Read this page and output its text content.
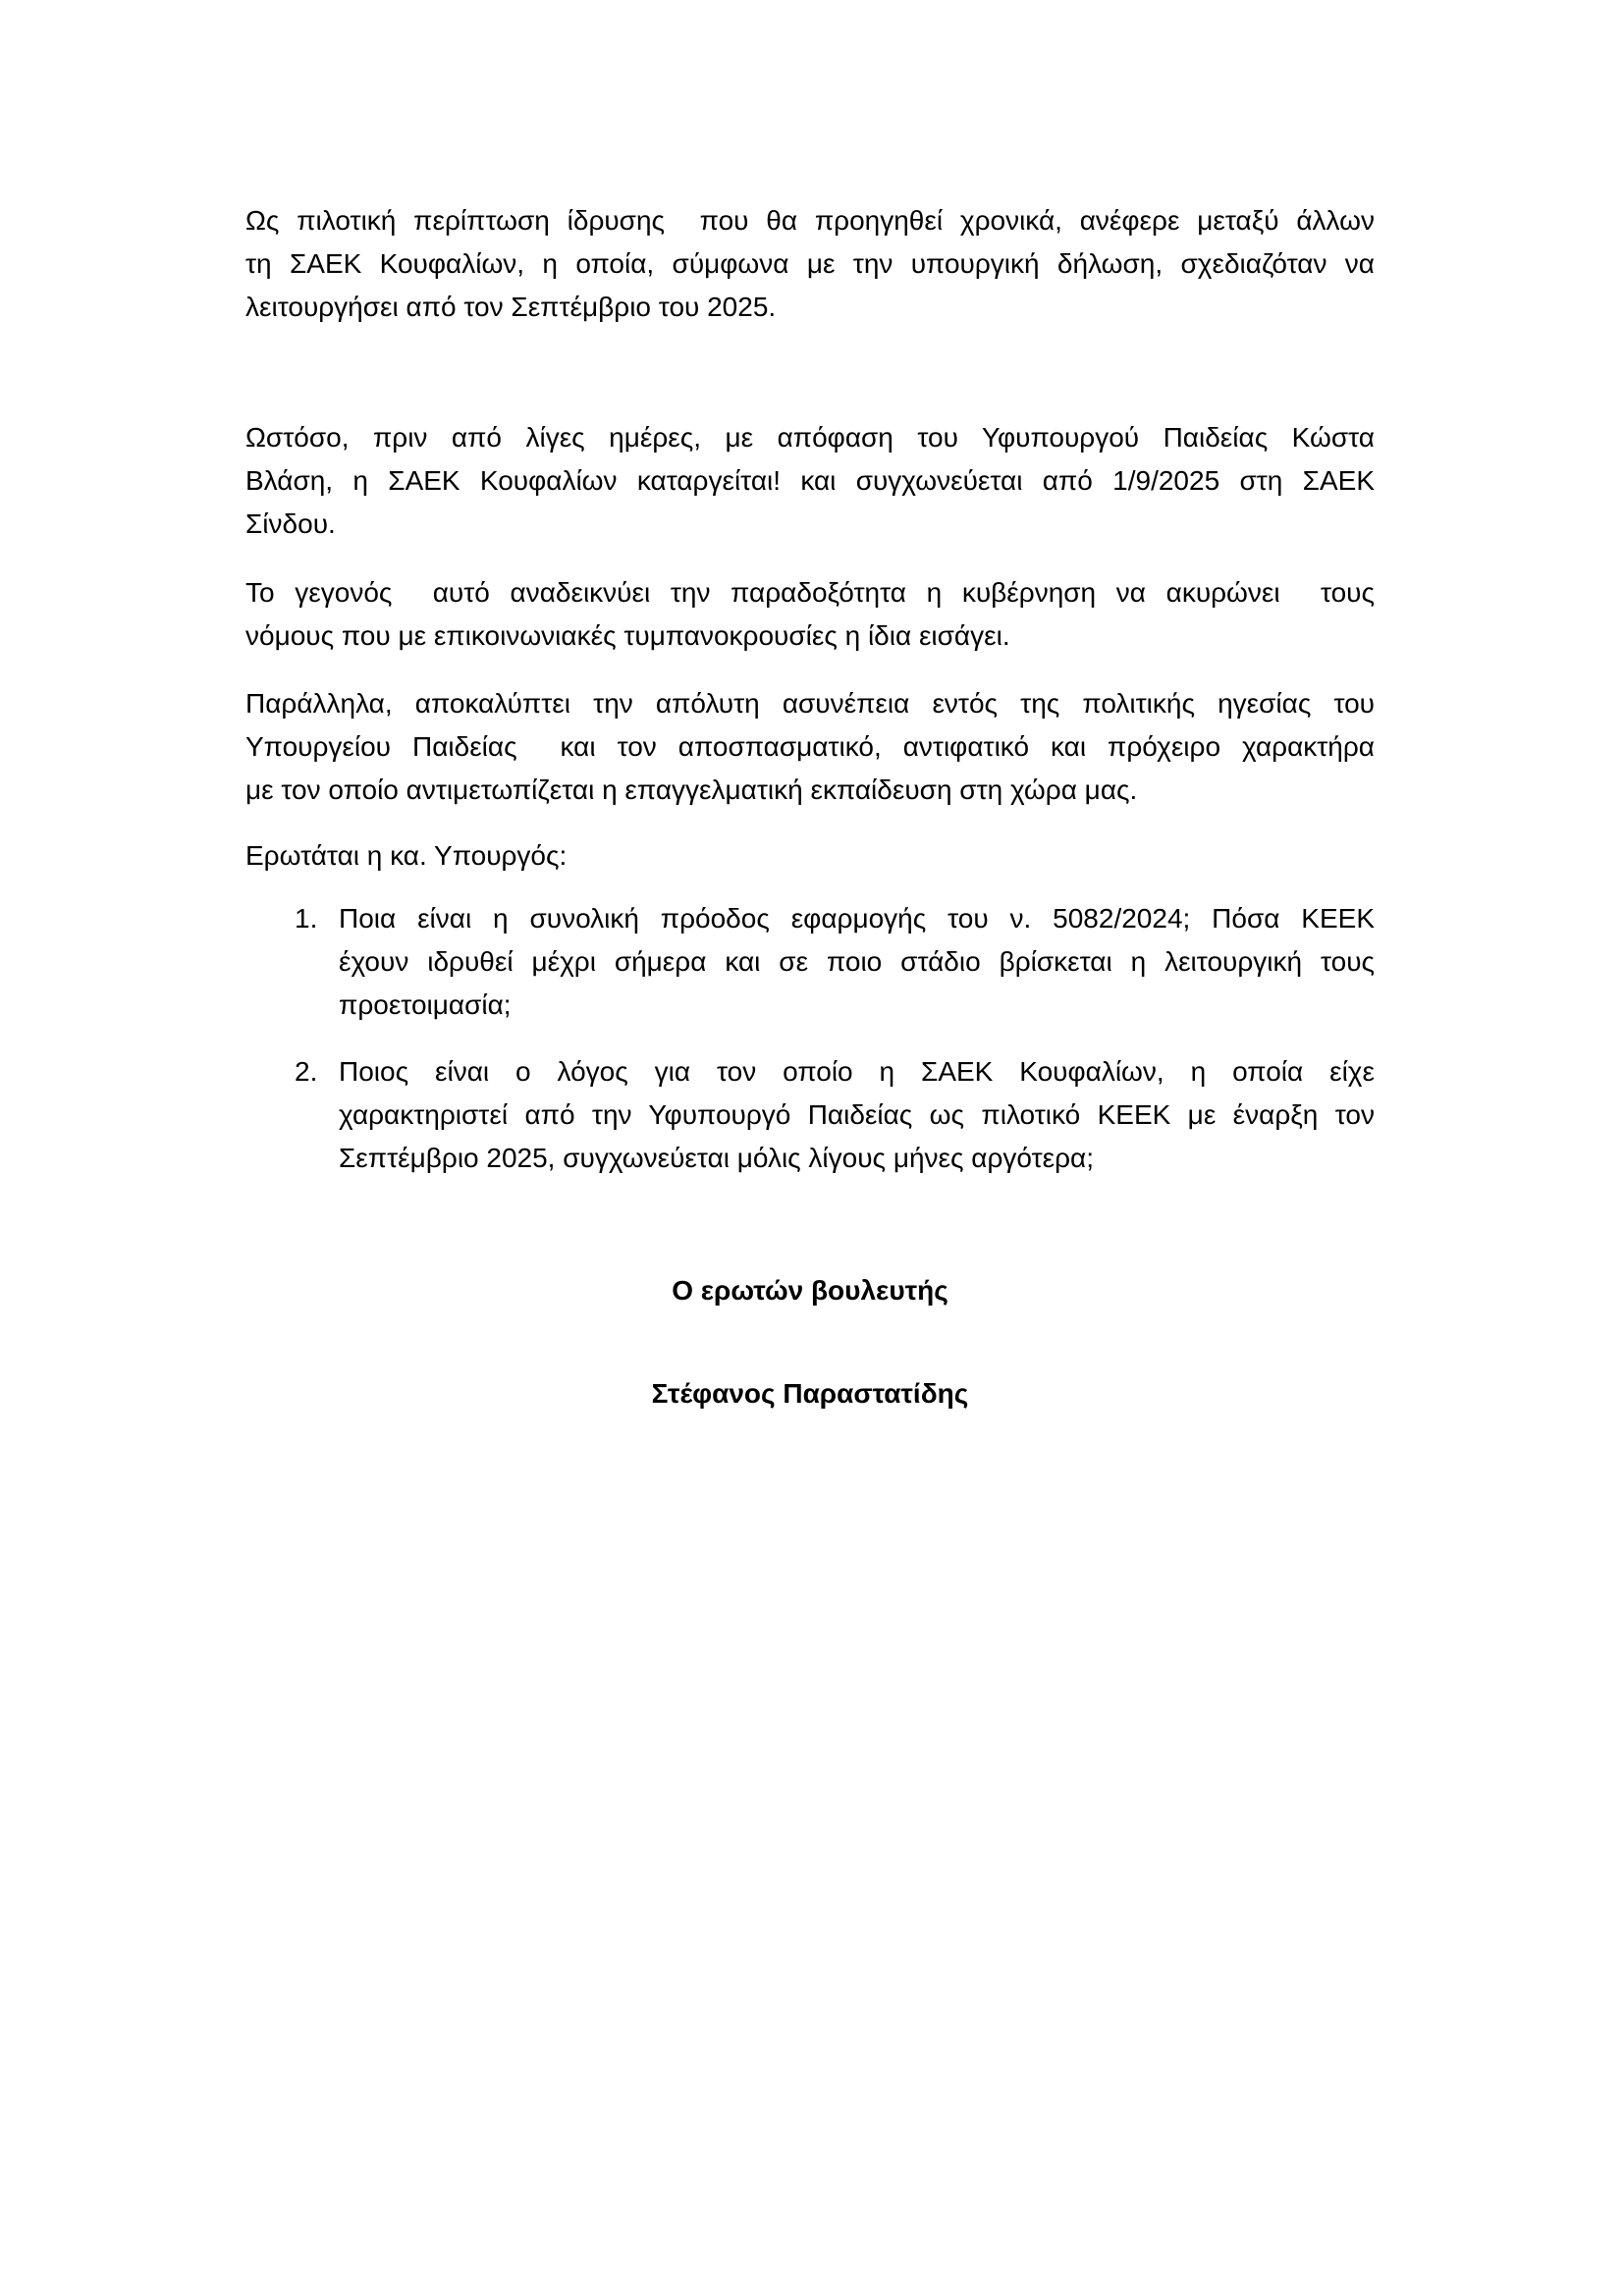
Ως πιλοτική περίπτωση ίδρυσης  που θα προηγηθεί χρονικά, ανέφερε μεταξύ άλλων
τη ΣΑΕΚ Κουφαλίων, η οποία, σύμφωνα με την υπουργική δήλωση, σχεδιαζόταν να
λειτουργήσει από τον Σεπτέμβριο του 2025.

Ωστόσο, πριν από λίγες ημέρες, με απόφαση του Υφυπουργού Παιδείας Κώστα
Βλάση, η ΣΑΕΚ Κουφαλίων καταργείται! και συγχωνεύεται από 1/9/2025 στη ΣΑΕΚ
Σίνδου.

Το γεγονός  αυτό αναδεικνύει την παραδοξότητα η κυβέρνηση να ακυρώνει  τους
νόμους που με επικοινωνιακές τυμπανοκρουσίες η ίδια εισάγει.

Παράλληλα, αποκαλύπτει την απόλυτη ασυνέπεια εντός της πολιτικής ηγεσίας του
Υπουργείου Παιδείας  και τον αποσπασματικό, αντιφατικό και πρόχειρο χαρακτήρα
με τον οποίο αντιμετωπίζεται η επαγγελματική εκπαίδευση στη χώρα μας.

Ερωτάται η κα. Υπουργός:

1. Ποια είναι η συνολική πρόοδος εφαρμογής του ν. 5082/2024; Πόσα ΚΕΕΚ
έχουν ιδρυθεί μέχρι σήμερα και σε ποιο στάδιο βρίσκεται η λειτουργική τους
προετοιμασία;
2. Ποιος είναι ο λόγος για τον οποίο η ΣΑΕΚ Κουφαλίων, η οποία είχε
χαρακτηριστεί από την Υφυπουργό Παιδείας ως πιλοτικό ΚΕΕΚ με έναρξη τον
Σεπτέμβριο 2025, συγχωνεύεται μόλις λίγους μήνες αργότερα;

Ο ερωτών βουλευτής

Στέφανος Παραστατίδης
